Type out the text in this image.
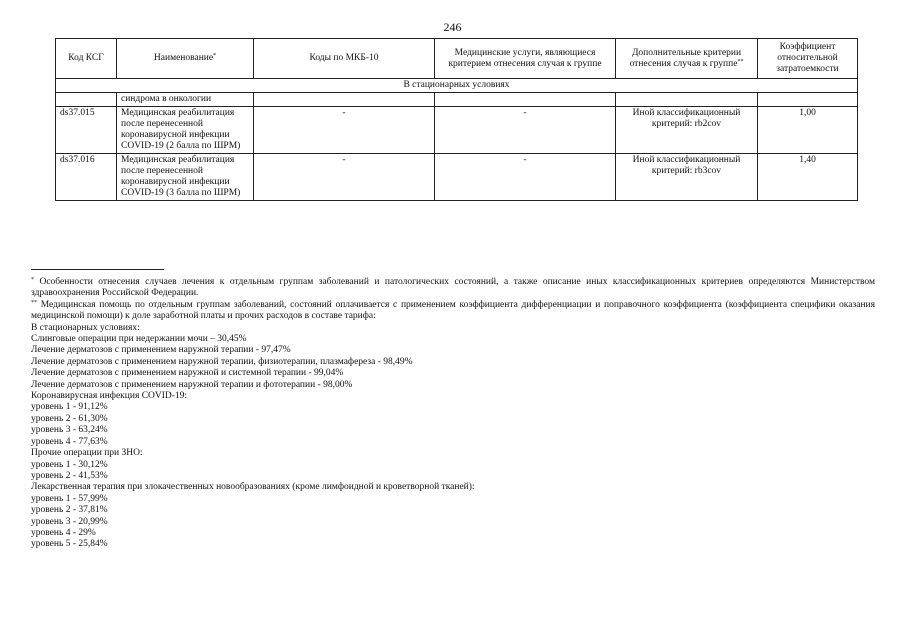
246
Код КСГ	Наименование*	Коды по МКБ-10	Медицинские услуги, являющиеся критерием отнесения случая к группе	Дополнительные критерии отнесения случая к группе**	Коэффициент относительной затратоемкости
В стационарных условиях					
	синдрома в онкологии				
ds37.015	Медицинская реабилитация после перенесенной коронавирусной инфекции COVID-19 (2 балла по ШРМ)	-	-	Иной классификационный критерий: rb2cov	1,00
ds37.016	Медицинская реабилитация после перенесенной коронавирусной инфекции COVID-19 (3 балла по ШРМ)	-	-	Иной классификационный критерий: rb3cov	1,40

* Особенности отнесения случаев лечения к отдельным группам заболеваний и патологических состояний, а также описание иных классификационных критериев определяются Министерством здравоохранения Российской Федерации.

** Медицинская помощь по отдельным группам заболеваний, состояний оплачивается с применением коэффициента дифференциации и поправочного коэффициента (коэффициента специфики оказания медицинской помощи) к доле заработной платы и прочих расходов в составе тарифа:

В стационарных условиях:

Слинговые операции при недержании мочи – 30,45%

Лечение дерматозов с применением наружной терапии - 97,47%

Лечение дерматозов с применением наружной терапии, физиотерапии, плазмафереза - 98,49%

Лечение дерматозов с применением наружной и системной терапии - 99,04%

Лечение дерматозов с применением наружной терапии и фототерапии - 98,00%

Коронавирусная инфекция COVID-19:

уровень 1 - 91,12%

уровень 2 - 61,30%

уровень 3 - 63,24%

уровень 4 - 77,63%

Прочие операции при ЗНО:

уровень 1 - 30,12%

уровень 2 - 41,53%

Лекарственная терапия при злокачественных новообразованиях (кроме лимфоидной и кроветворной тканей):

уровень 1 - 57,99%

уровень 2 - 37,81%

уровень 3 - 20,99%

уровень 4 - 29%

уровень 5 - 25,84%
